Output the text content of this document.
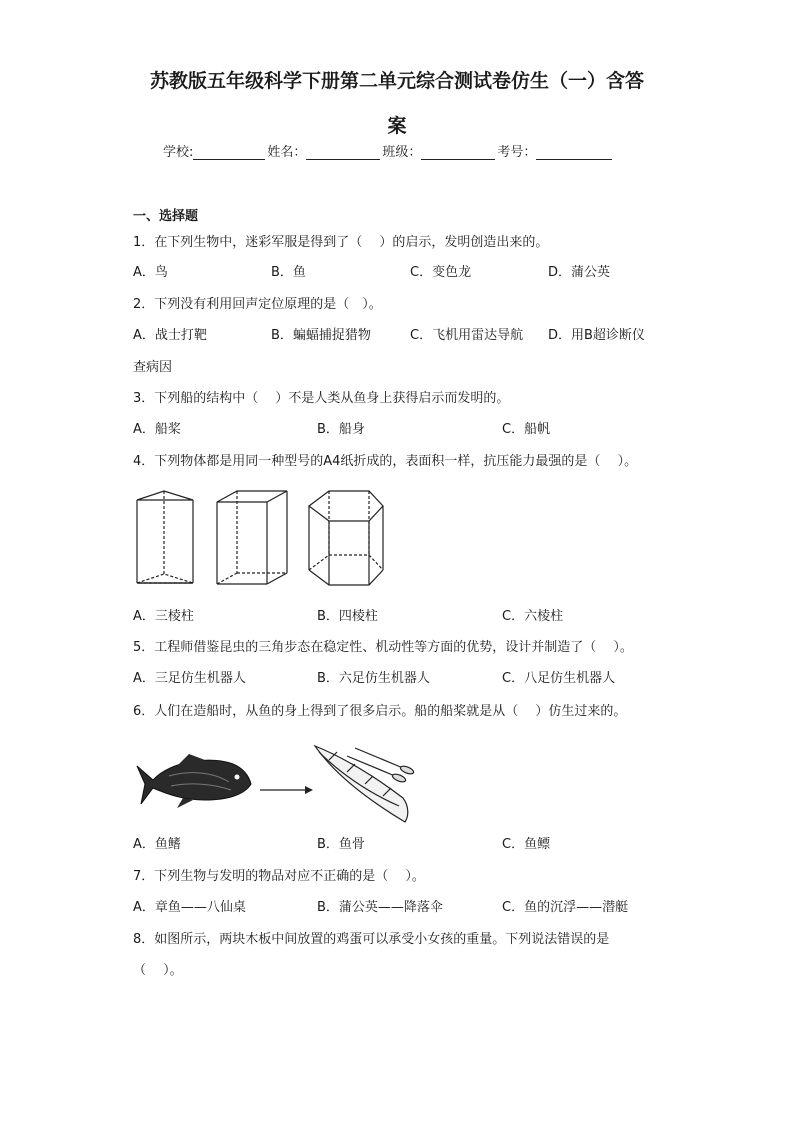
苏教版五年级科学下册第二单元综合测试卷仿生（一）含答
案
学校:	姓名：	班级：	考号：
一、选择题
1．在下列生物中，迷彩军服是得到了（　 ）的启示，发明创造出来的。
A．鸟	B．鱼	C．变色龙	D．蒲公英
2．下列没有利用回声定位原理的是（　）。
A．战士打靶	B．蝙蝠捕捉猎物	C．飞机用雷达导航 D．用B超诊断仪
查病因
3．下列船的结构中（　 ）不是人类从鱼身上获得启示而发明的。
A．船桨	B．船身	C．船帆
4．下列物体都是用同一种型号的A4纸折成的，表面积一样，抗压能力最强的是（　 ）。
A．三棱柱	B．四棱柱	C．六棱柱
5．工程师借鉴昆虫的三角步态在稳定性、机动性等方面的优势，设计并制造了（　 ）。
A．三足仿生机器人	B．六足仿生机器人	C．八足仿生机器人
6．人们在造船时，从鱼的身上得到了很多启示。船的船桨就是从（　 ）仿生过来的。
A．鱼鳍	B．鱼骨	C．鱼鳔
7．下列生物与发明的物品对应不正确的是（　 ）。
A．章鱼——八仙桌	B．蒲公英——降落伞	C．鱼的沉浮——潜艇
8．如图所示，两块木板中间放置的鸡蛋可以承受小女孩的重量。下列说法错误的是
（　 ）。
